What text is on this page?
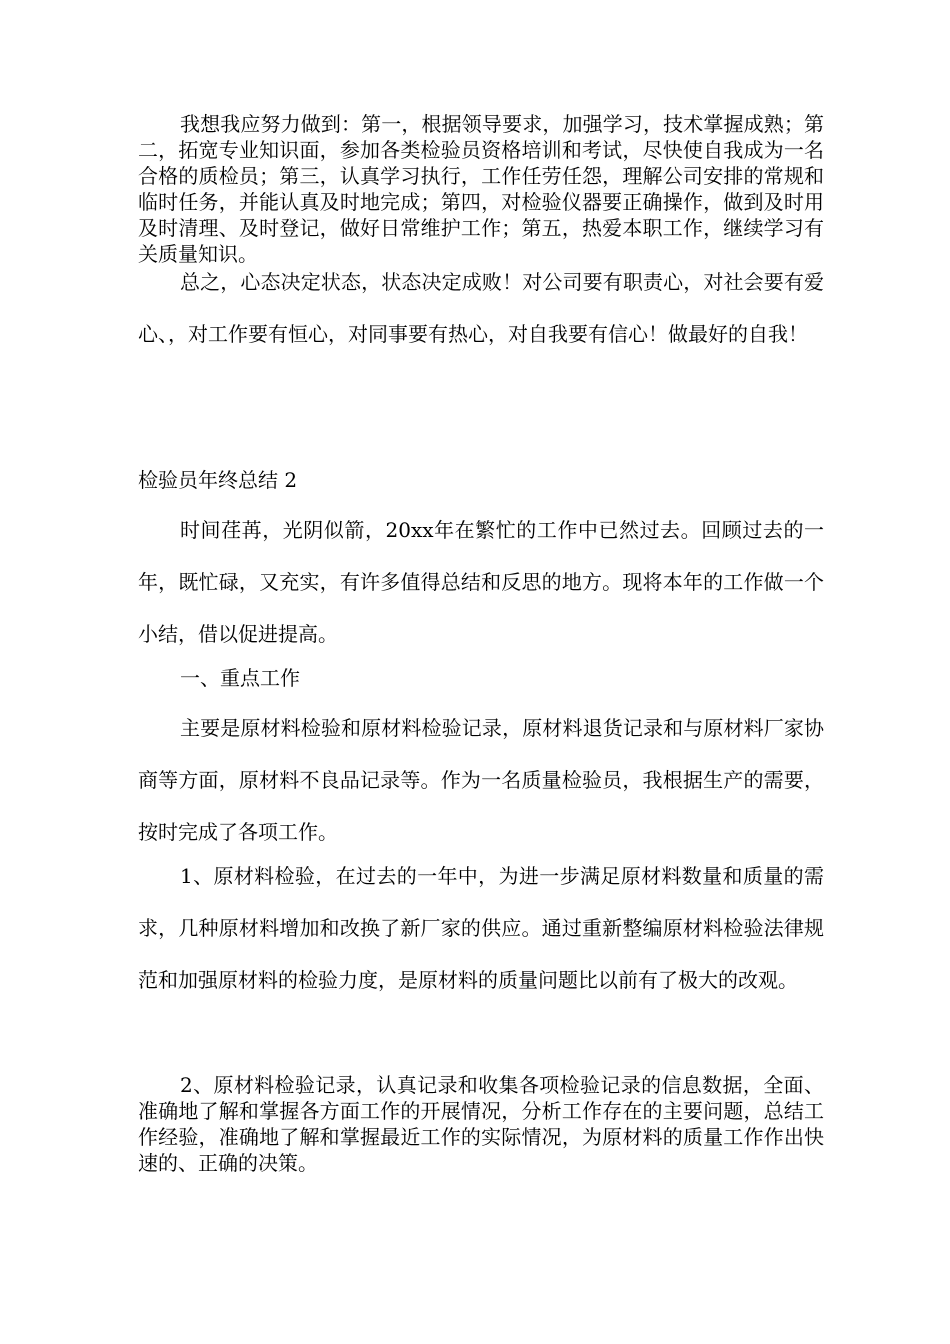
我想我应努力做到：第一，根据领导要求，加强学习，技术掌握成熟；第二，拓宽专业知识面，参加各类检验员资格培训和考试，尽快使自我成为一名合格的质检员；第三，认真学习执行，工作任劳任怨，理解公司安排的常规和临时任务，并能认真及时地完成；第四，对检验仪器要正确操作，做到及时用及时清理、及时登记，做好日常维护工作；第五，热爱本职工作，继续学习有关质量知识。

总之，心态决定状态，状态决定成败！对公司要有职责心，对社会要有爱心、，对工作要有恒心，对同事要有热心，对自我要有信心！做最好的自我！

检验员年终总结 2

时间荏苒，光阴似箭，20xx年在繁忙的工作中已然过去。回顾过去的一年，既忙碌，又充实，有许多值得总结和反思的地方。现将本年的工作做一个小结，借以促进提高。

一、重点工作

主要是原材料检验和原材料检验记录，原材料退货记录和与原材料厂家协商等方面，原材料不良品记录等。作为一名质量检验员，我根据生产的需要，按时完成了各项工作。

1、原材料检验，在过去的一年中，为进一步满足原材料数量和质量的需求，几种原材料增加和改换了新厂家的供应。通过重新整编原材料检验法律规范和加强原材料的检验力度，是原材料的质量问题比以前有了极大的改观。

2、原材料检验记录，认真记录和收集各项检验记录的信息数据，全面、准确地了解和掌握各方面工作的开展情况，分析工作存在的主要问题，总结工作经验，准确地了解和掌握最近工作的实际情况，为原材料的质量工作作出快速的、正确的决策。
